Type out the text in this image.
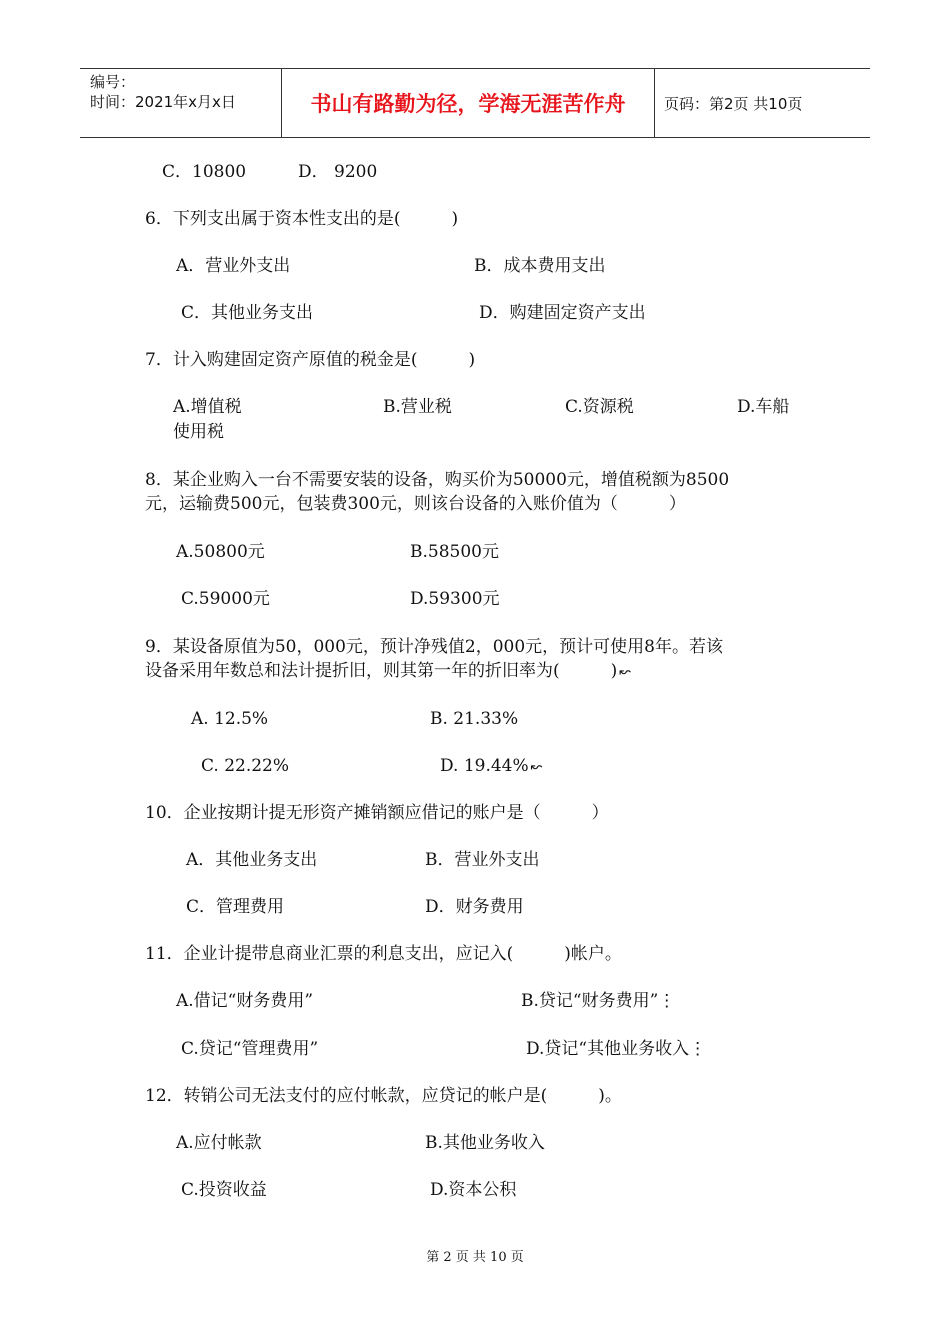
编号：
时间：2021年x月x日	书山有路勤为径，学海无涯苦作舟	页码：第2页 共10页
C．10800	D． 9200
6．下列支出属于资本性支出的是(　　　)
A．营业外支出	B．成本费用支出
C．其他业务支出	D．购建固定资产支出
7．计入购建固定资产原值的税金是(　　　)
A.增值税	B.营业税	C.资源税	D.车船
使用税
8．某企业购入一台不需要安装的设备，购买价为50000元，增值税额为8500
元，运输费500元，包装费300元，则该台设备的入账价值为（　　　）
A.50800元	B.58500元
C.59000元	D.59300元
9．某设备原值为50，000元，预计净残值2，000元，预计可使用8年。若该
设备采用年数总和法计提折旧，则其第一年的折旧率为(　　　) ↜
A. 12.5%	B. 21.33%
C. 22.22%	D. 19.44% ↜
10．企业按期计提无形资产摊销额应借记的账户是（　　　）
A．其他业务支出	B．营业外支出
C．管理费用	D．财务费用
11．企业计提带息商业汇票的利息支出，应记入(　　　)帐户。
A.借记“财务费用”	B.贷记“财务费用”⋮
C.贷记“管理费用”	D.贷记“其他业务收入⋮
12．转销公司无法支付的应付帐款，应贷记的帐户是(　　　)。
A.应付帐款	B.其他业务收入
C.投资收益	D.资本公积
第 2 页 共 10 页
